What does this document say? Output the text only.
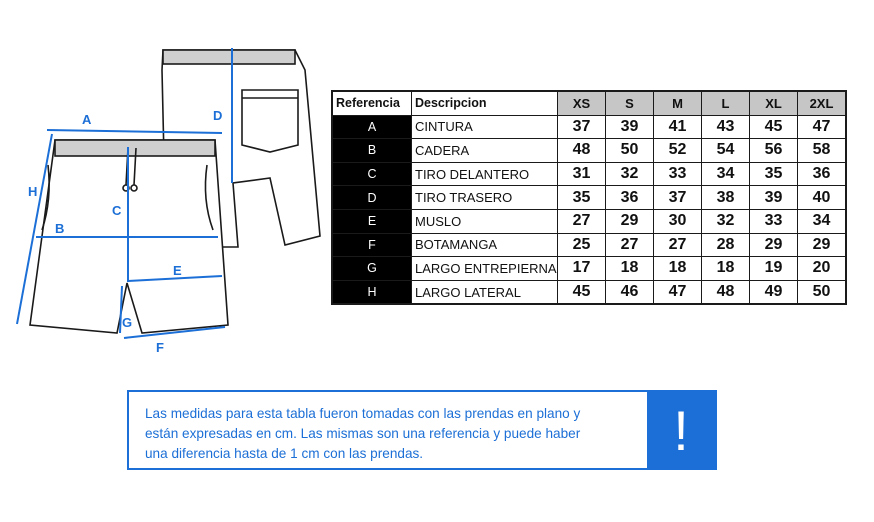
A
B
C
D
E
F
G
H
Referencia	Descripcion	XS	S	M	L	XL	2XL
A	CINTURA	37	39	41	43	45	47
B	CADERA	48	50	52	54	56	58
C	TIRO DELANTERO	31	32	33	34	35	36
D	TIRO TRASERO	35	36	37	38	39	40
E	MUSLO	27	29	30	32	33	34
F	BOTAMANGA	25	27	27	28	29	29
G	LARGO ENTREPIERNA	17	18	18	18	19	20
H	LARGO LATERAL	45	46	47	48	49	50
Las medidas para esta tabla fueron tomadas con las prendas en plano y
están expresadas en cm. Las mismas son una referencia y puede haber
una diferencia hasta de 1 cm con las prendas.	!
